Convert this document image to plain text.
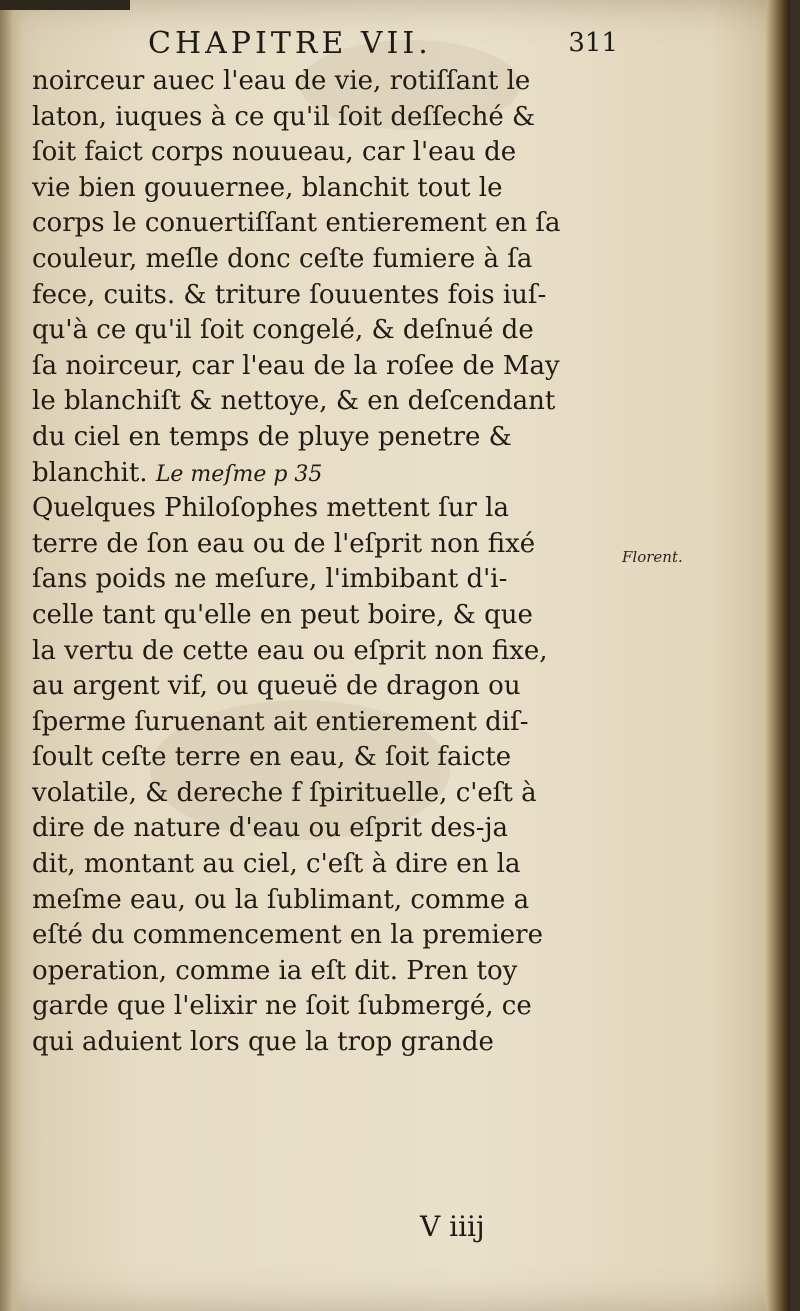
CHAPITRE VII.	311
noirceur auec l'eau de vie, rotiſſant le
laton, iuques à ce qu'il ſoit deſſeché &
ſoit faict corps nouueau, car l'eau de
vie bien gouuernee, blanchit tout le
corps le conuertiſſant entierement en ſa
couleur, meſle donc ceſte fumiere à ſa
fece, cuits. & triture ſouuentes fois iuſ-
qu'à ce qu'il ſoit congelé, & deſnué de
ſa noirceur, car l'eau de la roſee de May
le blanchiſt & nettoye, & en deſcendant
du ciel en temps de pluye penetre &
blanchit. Le meſme p 35
Quelques Philoſophes mettent ſur la
terre de ſon eau ou de l'eſprit non fixé
ſans poids ne meſure, l'imbibant d'i-
celle tant qu'elle en peut boire, & que
la vertu de cette eau ou eſprit non fixe,
au argent vif, ou queuë de dragon ou
ſperme ſuruenant ait entierement diſ-
ſoult ceſte terre en eau, & ſoit faicte
volatile, & dereche f ſpirituelle, c'eſt à
dire de nature d'eau ou eſprit des-ja
dit, montant au ciel, c'eſt à dire en la
meſme eau, ou la ſublimant, comme a
eſté du commencement en la premiere
operation, comme ia eſt dit. Pren toy
garde que l'elixir ne ſoit ſubmergé, ce
qui aduient lors que la trop grande
Florent.
V iiij
